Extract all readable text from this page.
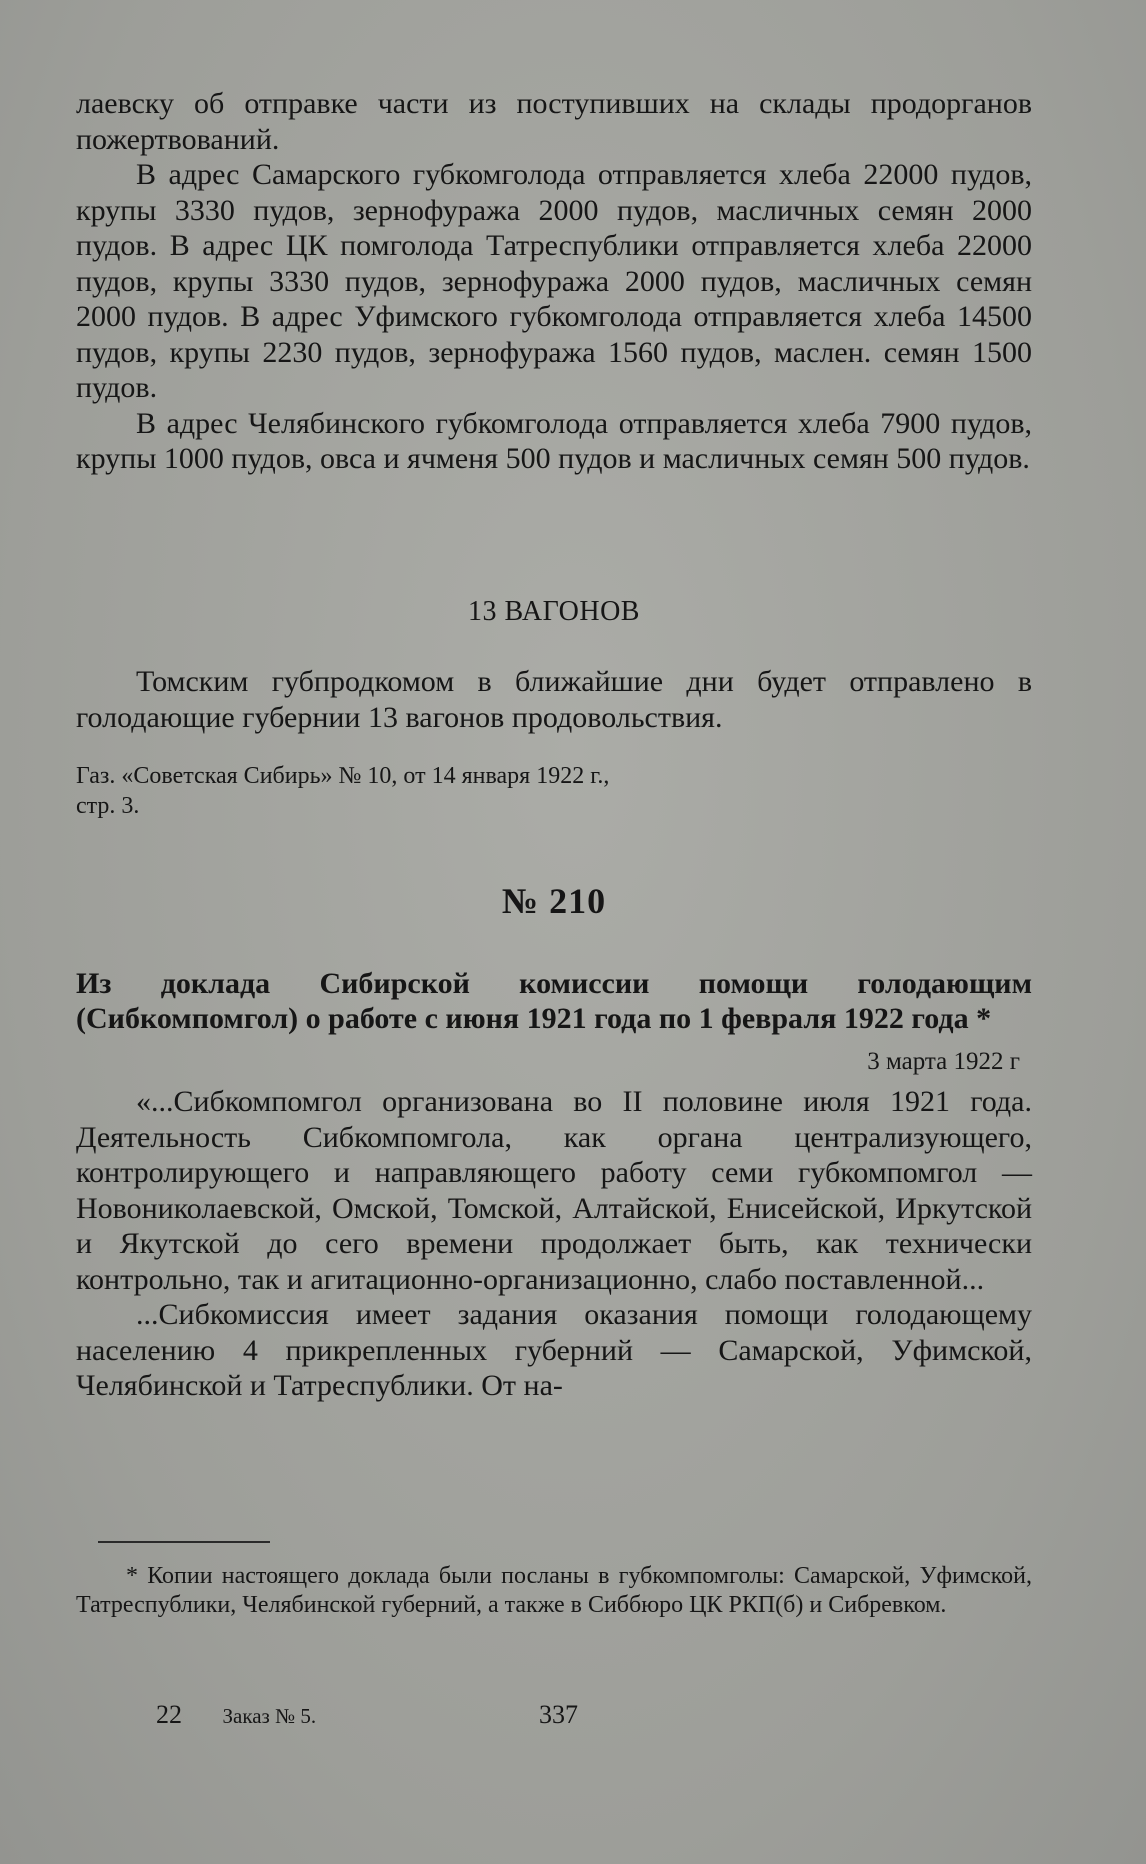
лаевску об отправке части из поступивших на склады продорганов пожертвований.

В адрес Самарского губкомголода отправляется хлеба 22000 пудов, крупы 3330 пудов, зернофуража 2000 пудов, масличных семян 2000 пудов. В адрес ЦК помголода Татреспублики отправляется хлеба 22000 пудов, крупы 3330 пудов, зернофуража 2000 пудов, масличных семян 2000 пудов. В адрес Уфимского губкомголода отправляется хлеба 14500 пудов, крупы 2230 пудов, зернофуража 1560 пудов, маслен. семян 1500 пудов.

В адрес Челябинского губкомголода отправляется хлеба 7900 пудов, крупы 1000 пудов, овса и ячменя 500 пудов и масличных семян 500 пудов.

13 ВАГОНОВ

Томским губпродкомом в ближайшие дни будет отправлено в голодающие губернии 13 вагонов продовольствия.

Газ. «Советская Сибирь» № 10, от 14 января 1922 г., стр. 3.

№ 210

Из доклада Сибирской комиссии помощи голодающим (Сибкомпомгол) о работе с июня 1921 года по 1 февраля 1922 года *

3 марта 1922 г

«...Сибкомпомгол организована во II половине июля 1921 года. Деятельность Сибкомпомгола, как органа централизующего, контролирующего и направляющего работу семи губкомпомгол — Новониколаевской, Омской, Томской, Алтайской, Енисейской, Иркутской и Якутской до сего времени продолжает быть, как технически контрольно, так и агитационно-организационно, слабо поставленной...

...Сибкомиссия имеет задания оказания помощи голодающему населению 4 прикрепленных губерний — Самарской, Уфимской, Челябинской и Татреспублики. От на-

* Копии настоящего доклада были посланы в губкомпомголы: Самарской, Уфимской, Татреспублики, Челябинской губерний, а также в Сиббюро ЦК РКП(б) и Сибревком.

22 Заказ № 5.	337
